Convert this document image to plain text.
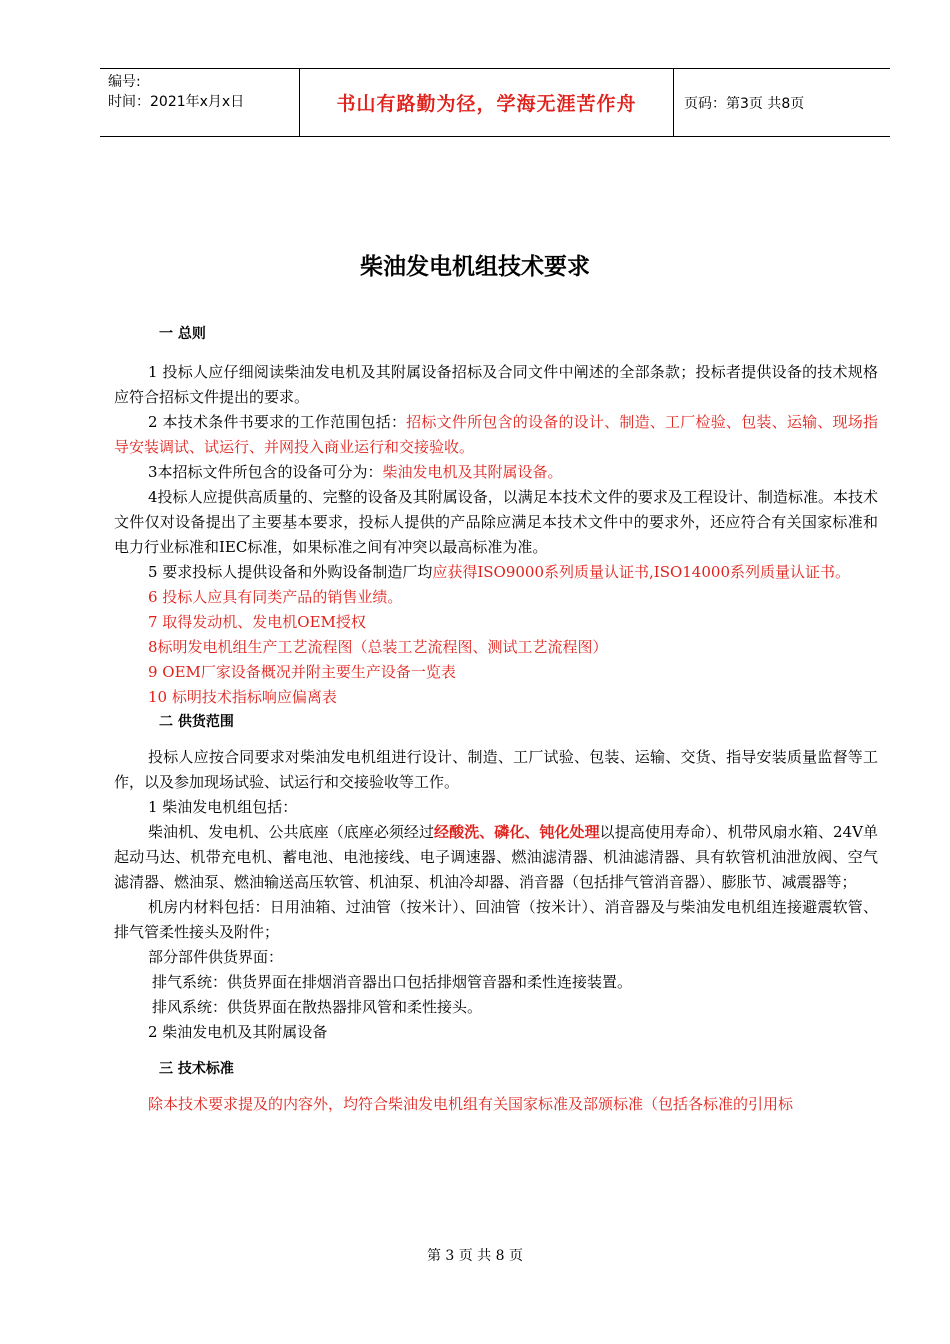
编号:
时间：2021年x月x日	书山有路勤为径，学海无涯苦作舟	页码：第3页 共8页
柴油发电机组技术要求

一 总则

1 投标人应仔细阅读柴油发电机及其附属设备招标及合同文件中阐述的全部条款；投标者提供设备的技术规格应符合招标文件提出的要求。

2 本技术条件书要求的工作范围包括：招标文件所包含的设备的设计、制造、工厂检验、包装、运输、现场指导安装调试、试运行、并网投入商业运行和交接验收。

3本招标文件所包含的设备可分为：柴油发电机及其附属设备。

4投标人应提供高质量的、完整的设备及其附属设备，以满足本技术文件的要求及工程设计、制造标准。本技术文件仅对设备提出了主要基本要求，投标人提供的产品除应满足本技术文件中的要求外，还应符合有关国家标准和电力行业标准和IEC标准，如果标准之间有冲突以最高标准为准。

5 要求投标人提供设备和外购设备制造厂均应获得ISO9000系列质量认证书,ISO14000系列质量认证书。

6 投标人应具有同类产品的销售业绩。

7 取得发动机、发电机OEM授权

8标明发电机组生产工艺流程图（总装工艺流程图、测试工艺流程图）

9 OEM厂家设备概况并附主要生产设备一览表

10 标明技术指标响应偏离表

二 供货范围

投标人应按合同要求对柴油发电机组进行设计、制造、工厂试验、包装、运输、交货、指导安装质量监督等工作，以及参加现场试验、试运行和交接验收等工作。

1 柴油发电机组包括：

柴油机、发电机、公共底座（底座必须经过经酸洗、磷化、钝化处理以提高使用寿命）、机带风扇水箱、24V单起动马达、机带充电机、蓄电池、电池接线、电子调速器、燃油滤清器、机油滤清器、具有软管机油泄放阀、空气滤清器、燃油泵、燃油输送高压软管、机油泵、机油冷却器、消音器（包括排气管消音器）、膨胀节、减震器等；

机房内材料包括：日用油箱、过油管（按米计）、回油管（按米计）、消音器及与柴油发电机组连接避震软管、排气管柔性接头及附件；

部分部件供货界面：

排气系统：供货界面在排烟消音器出口包括排烟管音器和柔性连接装置。

排风系统：供货界面在散热器排风管和柔性接头。

2 柴油发电机及其附属设备

三 技术标准

除本技术要求提及的内容外，均符合柴油发电机组有关国家标准及部颁标准（包括各标准的引用标

第 3 页 共 8 页
